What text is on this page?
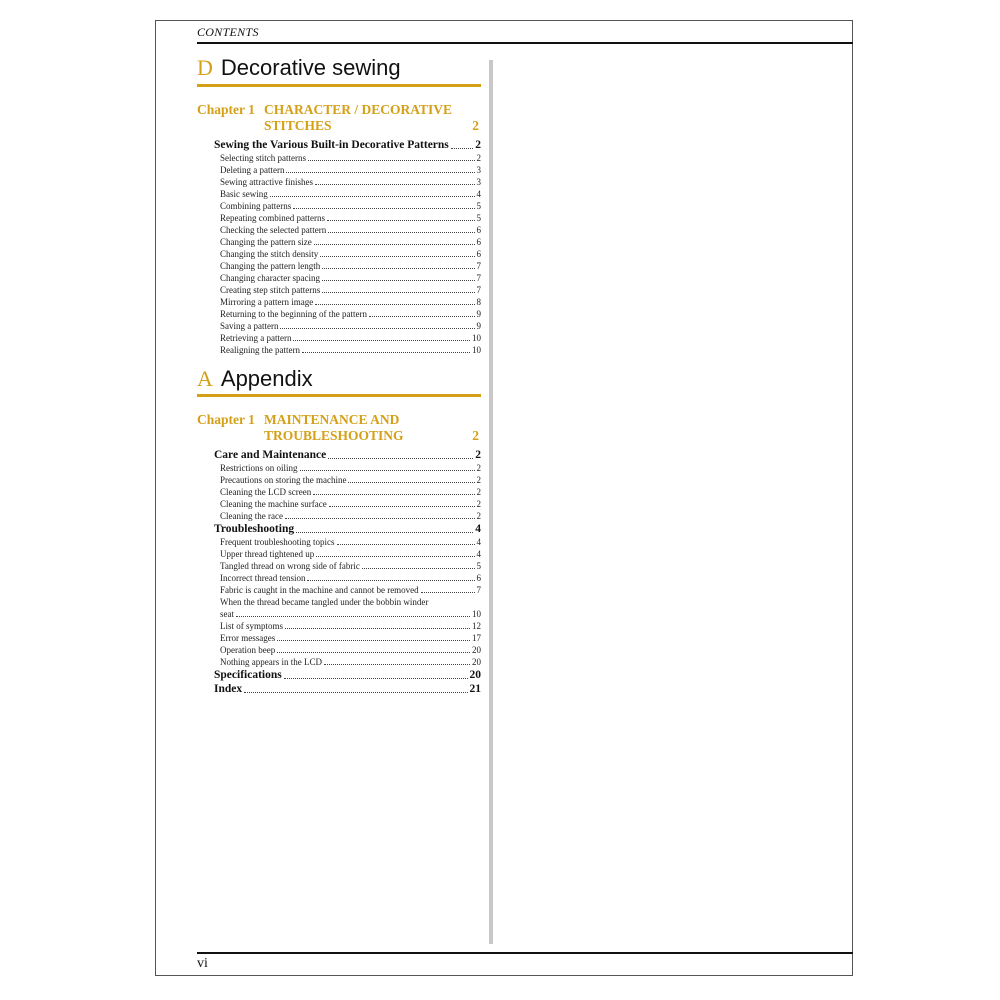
CONTENTS
D Decorative sewing
Chapter 1 CHARACTER / DECORATIVE STITCHES	2
Sewing the Various Built-in Decorative Patterns 2
Selecting stitch patterns	2
Deleting a pattern	3
Sewing attractive finishes	3
Basic sewing	4
Combining patterns	5
Repeating combined patterns	5
Checking the selected pattern	6
Changing the pattern size	6
Changing the stitch density	6
Changing the pattern length	7
Changing character spacing	7
Creating step stitch patterns	7
Mirroring a pattern image	8
Returning to the beginning of the pattern	9
Saving a pattern	9
Retrieving a pattern	10
Realigning the pattern	10
A Appendix
Chapter 1 MAINTENANCE AND TROUBLESHOOTING	2
Care and Maintenance	2
Restrictions on oiling	2
Precautions on storing the machine	2
Cleaning the LCD screen	2
Cleaning the machine surface	2
Cleaning the race	2
Troubleshooting	4
Frequent troubleshooting topics	4
Upper thread tightened up	4
Tangled thread on wrong side of fabric	5
Incorrect thread tension	6
Fabric is caught in the machine and cannot be removed	7
When the thread became tangled under the bobbin winder
seat	10
List of symptoms	12
Error messages	17
Operation beep	20
Nothing appears in the LCD	20
Specifications	20
Index	21
vi
